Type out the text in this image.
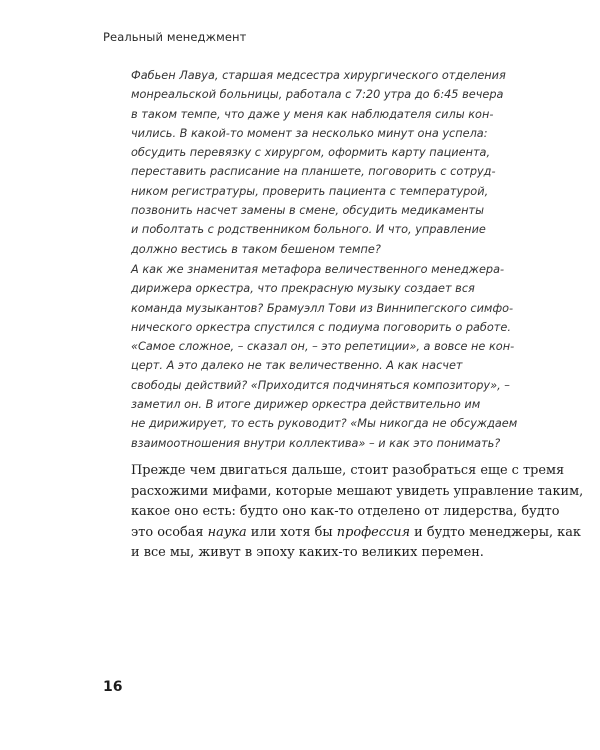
Реальный менеджмент
Фабьен Лавуа, старшая медсестра хирургического отделения
монреальской больницы, работала с 7:20 утра до 6:45 вечера
в таком темпе, что даже у меня как наблюдателя силы кон-
чились. В какой-то момент за несколько минут она успела:
обсудить перевязку с хирургом, оформить карту пациента,
переставить расписание на планшете, поговорить с сотруд-
ником регистратуры, проверить пациента с температурой,
позвонить насчет замены в смене, обсудить медикаменты
и поболтать с родственником больного. И что, управление
должно вестись в таком бешеном темпе?
А как же знаменитая метафора величественного менеджера-
дирижера оркестра, что прекрасную музыку создает вся
команда музыкантов? Брамуэлл Тови из Виннипегского симфо-
нического оркестра спустился с подиума поговорить о работе.
«Самое сложное, – сказал он, – это репетиции», а вовсе не кон-
церт. А это далеко не так величественно. А как насчет
свободы действий? «Приходится подчиняться композитору», –
заметил он. В итоге дирижер оркестра действительно им
не дирижирует, то есть руководит? «Мы никогда не обсуждаем
взаимоотношения внутри коллектива» – и как это понимать?
Прежде чем двигаться дальше, стоит разобраться еще с тремя
расхожими мифами, которые мешают увидеть управление таким,
какое оно есть: будто оно как-то отделено от лидерства, будто
это особая наука или хотя бы профессия и будто менеджеры, как
и все мы, живут в эпоху каких-то великих перемен.
16
